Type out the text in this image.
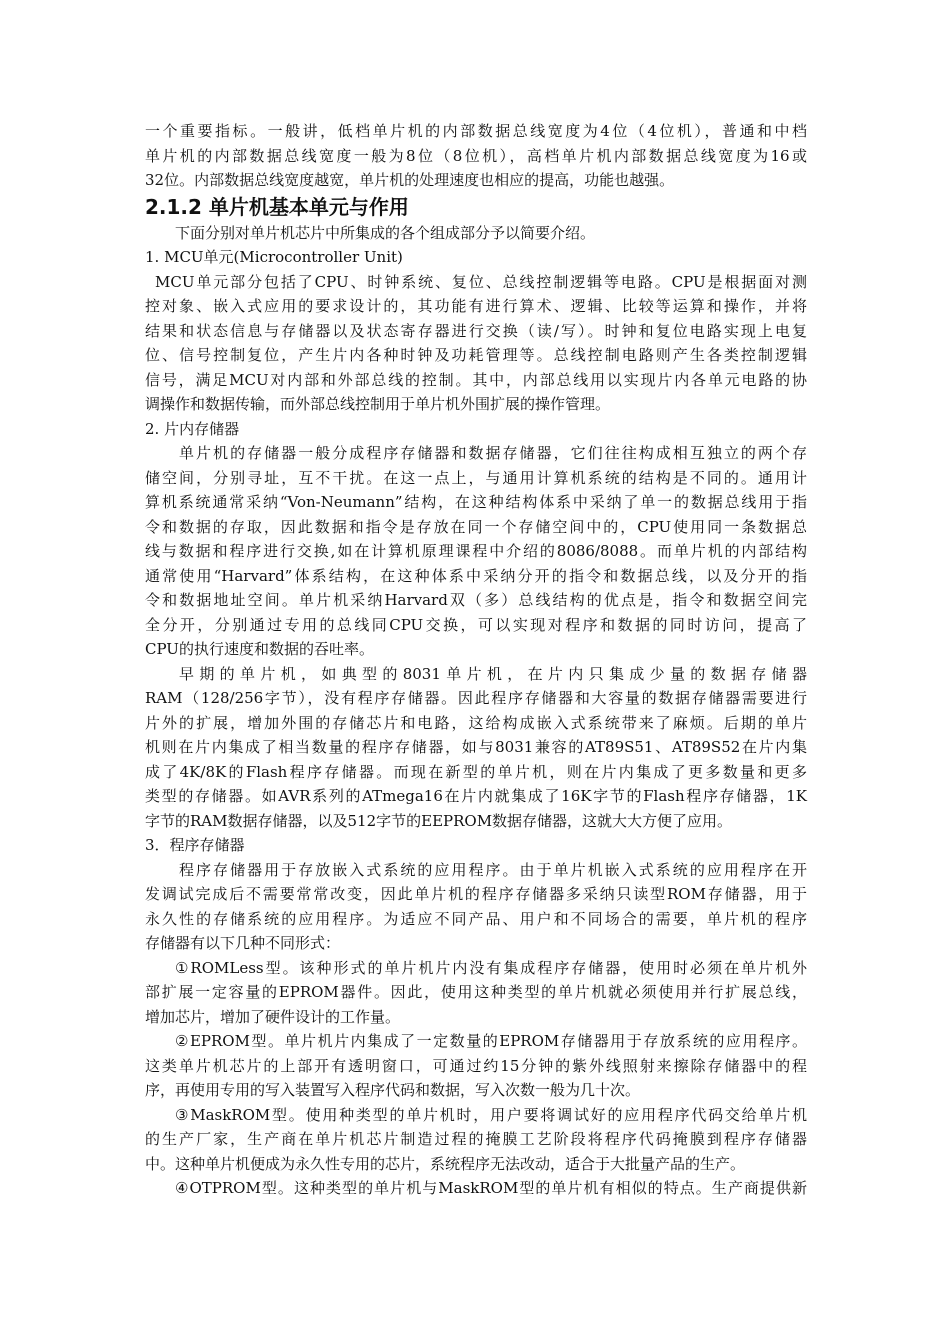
一个重要指标。一般讲，低档单片机的内部数据总线宽度为4位（4位机），普通和中档
单片机的内部数据总线宽度一般为8位（8位机），高档单片机内部数据总线宽度为16或
32位。内部数据总线宽度越宽，单片机的处理速度也相应的提高，功能也越强。
2.1.2 单片机基本单元与作用
下面分别对单片机芯片中所集成的各个组成部分予以简要介绍。
1. MCU单元(Microcontroller Unit)
MCU单元部分包括了CPU、时钟系统、复位、总线控制逻辑等电路。CPU是根据面对测
控对象、嵌入式应用的要求设计的，其功能有进行算术、逻辑、比较等运算和操作，并将
结果和状态信息与存储器以及状态寄存器进行交换（读/写）。时钟和复位电路实现上电复
位、信号控制复位，产生片内各种时钟及功耗管理等。总线控制电路则产生各类控制逻辑
信号，满足MCU对内部和外部总线的控制。其中，内部总线用以实现片内各单元电路的协
调操作和数据传输，而外部总线控制用于单片机外围扩展的操作管理。
2. 片内存储器
单片机的存储器一般分成程序存储器和数据存储器，它们往往构成相互独立的两个存
储空间，分别寻址，互不干扰。在这一点上，与通用计算机系统的结构是不同的。通用计
算机系统通常采纳“Von-Neumann”结构，在这种结构体系中采纳了单一的数据总线用于指
令和数据的存取，因此数据和指令是存放在同一个存储空间中的，CPU使用同一条数据总
线与数据和程序进行交换,如在计算机原理课程中介绍的8086/8088。而单片机的内部结构
通常使用“Harvard”体系结构，在这种体系中采纳分开的指令和数据总线，以及分开的指
令和数据地址空间。单片机采纳Harvard双（多）总线结构的优点是，指令和数据空间完
全分开，分别通过专用的总线同CPU交换，可以实现对程序和数据的同时访问，提高了
CPU的执行速度和数据的吞吐率。
早期的单片机，如典型的8031单片机，在片内只集成少量的数据存储器
RAM（128/256字节），没有程序存储器。因此程序存储器和大容量的数据存储器需要进行
片外的扩展，增加外围的存储芯片和电路，这给构成嵌入式系统带来了麻烦。后期的单片
机则在片内集成了相当数量的程序存储器，如与8031兼容的AT89S51、AT89S52在片内集
成了4K/8K的Flash程序存储器。而现在新型的单片机，则在片内集成了更多数量和更多
类型的存储器。如AVR系列的ATmega16在片内就集成了16K字节的Flash程序存储器，1K
字节的RAM数据存储器，以及512字节的EEPROM数据存储器，这就大大方便了应用。
3．程序存储器
程序存储器用于存放嵌入式系统的应用程序。由于单片机嵌入式系统的应用程序在开
发调试完成后不需要常常改变，因此单片机的程序存储器多采纳只读型ROM存储器，用于
永久性的存储系统的应用程序。为适应不同产品、用户和不同场合的需要，单片机的程序
存储器有以下几种不同形式：
①ROMLess型。该种形式的单片机片内没有集成程序存储器，使用时必须在单片机外
部扩展一定容量的EPROM器件。因此，使用这种类型的单片机就必须使用并行扩展总线，
增加芯片，增加了硬件设计的工作量。
②EPROM型。单片机片内集成了一定数量的EPROM存储器用于存放系统的应用程序。
这类单片机芯片的上部开有透明窗口，可通过约15分钟的紫外线照射来擦除存储器中的程
序，再使用专用的写入装置写入程序代码和数据，写入次数一般为几十次。
③MaskROM型。使用种类型的单片机时，用户要将调试好的应用程序代码交给单片机
的生产厂家，生产商在单片机芯片制造过程的掩膜工艺阶段将程序代码掩膜到程序存储器
中。这种单片机便成为永久性专用的芯片，系统程序无法改动，适合于大批量产品的生产。
④OTPROM型。这种类型的单片机与MaskROM型的单片机有相似的特点。生产商提供新
